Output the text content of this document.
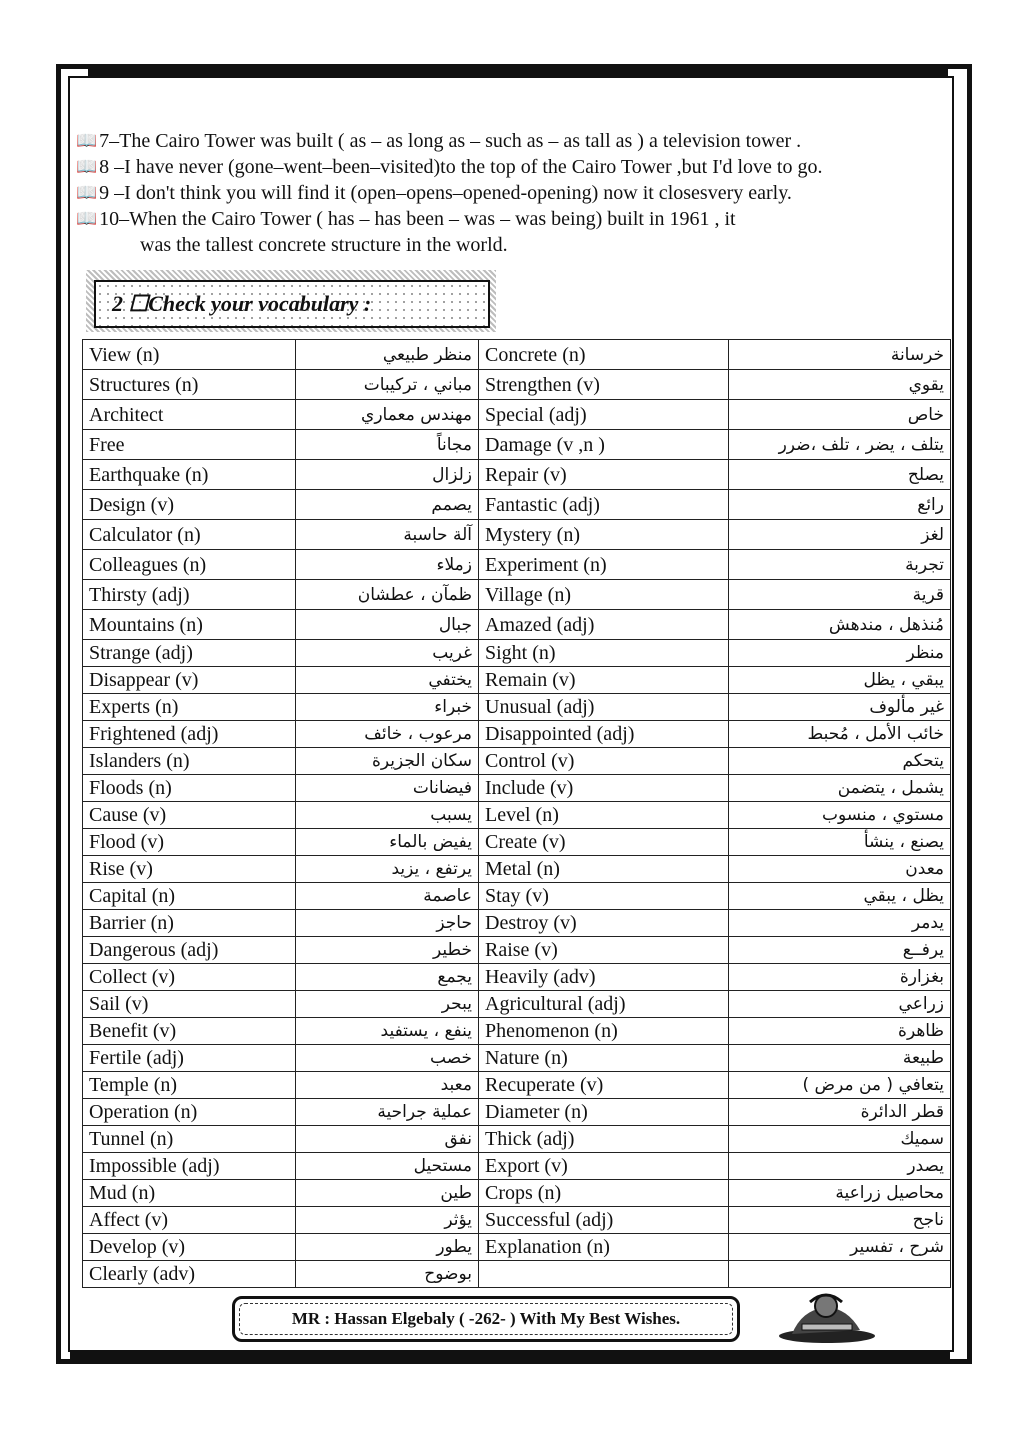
📖 7–The Cairo Tower was built ( as – as long as – such as – as tall as ) a television tower .
📖 8 –I have never (gone–went–been–visited)to the top of the Cairo Tower ,but I'd love to go.
📖 9 –I don't think you will find it (open–opens–opened-opening) now it closesvery early.
📖 10–When the Cairo Tower ( has – has been – was – was being) built in 1961 , it
was the tallest concrete structure in the world.
2 ☐Check your vocabulary :
View (n)	منظر طبيعي	Concrete (n)	خرسانة
Structures (n)	مباني ، تركيبات	Strengthen (v)	يقوي
Architect	مهندس معماري	Special (adj)	خاص
Free	مجاناً	Damage (v ,n )	يتلف ، يضر ، تلف ،ضرر
Earthquake (n)	زلزال	Repair (v)	يصلح
Design (v)	يصمم	Fantastic (adj)	رائع
Calculator (n)	آلة حاسبة	Mystery (n)	لغز
Colleagues (n)	زملاء	Experiment (n)	تجربة
Thirsty (adj)	ظمآن ، عطشان	Village (n)	قرية
Mountains (n)	جبال	Amazed (adj)	مُنذهل ، مندهش
Strange (adj)	غريب	Sight (n)	منظر
Disappear (v)	يختفي	Remain (v)	يبقي ، يظل
Experts (n)	خبراء	Unusual (adj)	غير مألوف
Frightened (adj)	مرعوب ، خائف	Disappointed (adj)	خائب الأمل ، مُحبط
Islanders (n)	سكان الجزيرة	Control (v)	يتحكم
Floods (n)	فيضانات	Include (v)	يشمل ، يتضمن
Cause (v)	يسبب	Level (n)	مستوي ، منسوب
Flood (v)	يفيض بالماء	Create (v)	يصنع ، ينشأ
Rise (v)	يرتفع ، يزيد	Metal (n)	معدن
Capital (n)	عاصمة	Stay (v)	يظل ، يبقي
Barrier (n)	حاجز	Destroy (v)	يدمر
Dangerous (adj)	خطير	Raise (v)	يرفــع
Collect (v)	يجمع	Heavily (adv)	بغزارة
Sail (v)	يبحر	Agricultural (adj)	زراعي
Benefit (v)	ينفع ، يستفيد	Phenomenon (n)	ظاهرة
Fertile (adj)	خصب	Nature (n)	طبيعة
Temple (n)	معبد	Recuperate (v)	يتعافي ( من مرض )
Operation (n)	عملية جراحية	Diameter (n)	قطر الدائرة
Tunnel (n)	نفق	Thick (adj)	سميك
Impossible (adj)	مستحيل	Export (v)	يصدر
Mud (n)	طين	Crops (n)	محاصيل زراعية
Affect (v)	يؤثر	Successful (adj)	ناجح
Develop (v)	يطور	Explanation (n)	شرح ، تفسير
Clearly (adv)	بوضوح		
MR : Hassan Elgebaly ( -262- ) With My Best Wishes.
